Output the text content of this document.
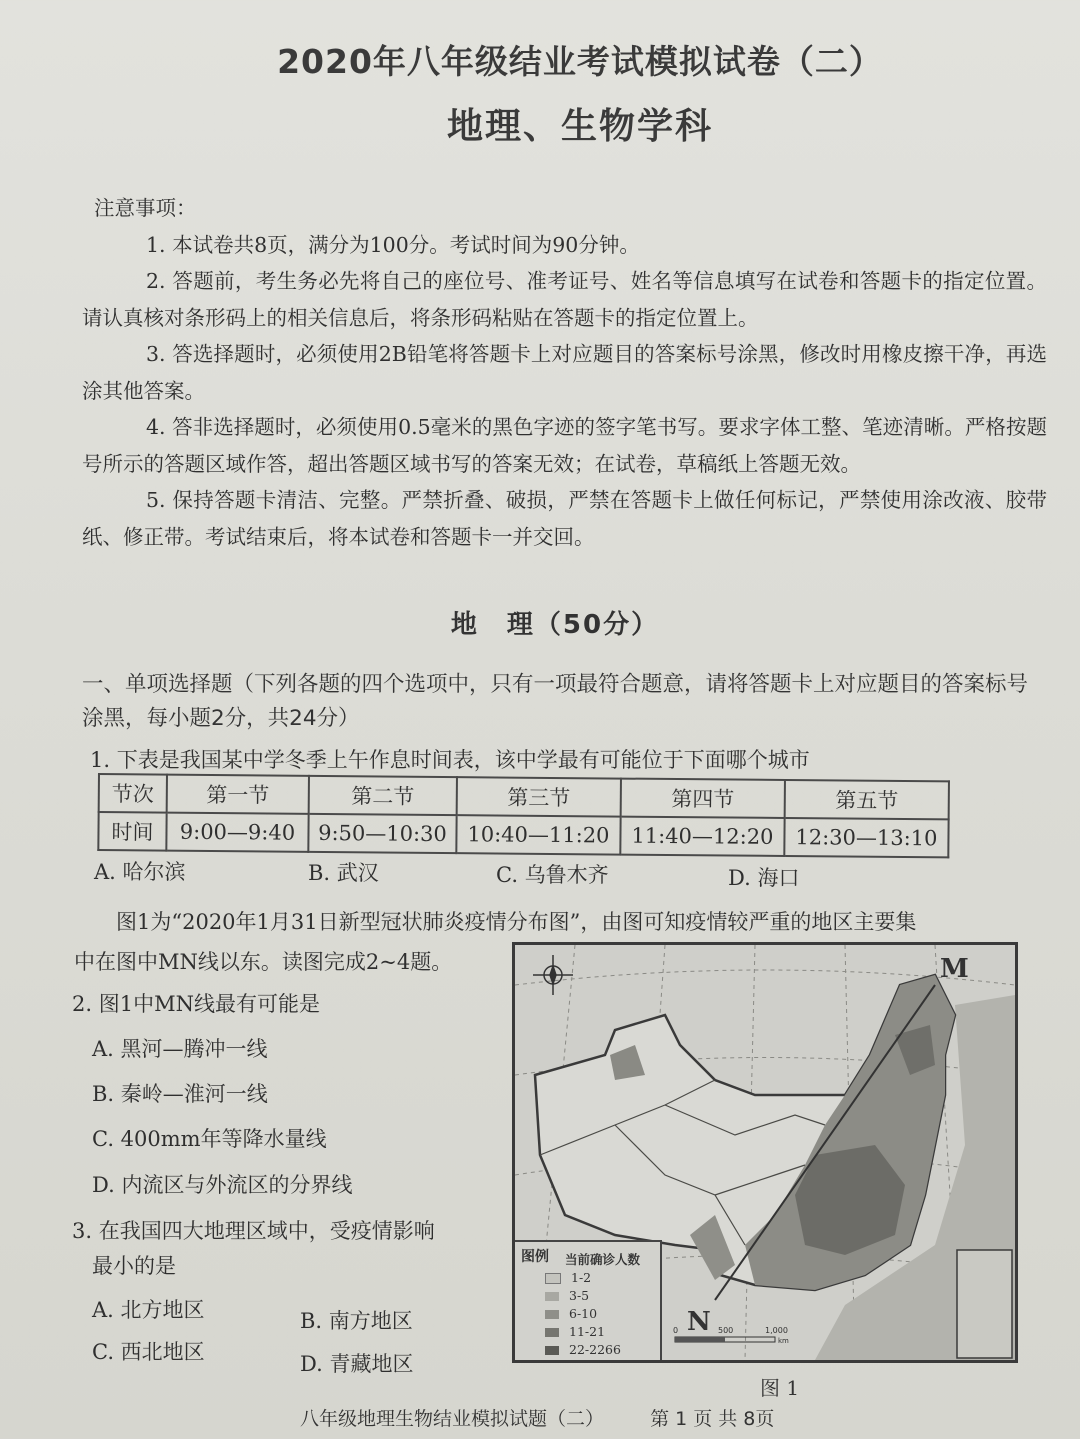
2020年八年级结业考试模拟试卷（二）
地理、生物学科
注意事项：

1. 本试卷共8页，满分为100分。考试时间为90分钟。

2. 答题前，考生务必先将自己的座位号、准考证号、姓名等信息填写在试卷和答题卡的指定位置。请认真核对条形码上的相关信息后，将条形码粘贴在答题卡的指定位置上。

3. 答选择题时，必须使用2B铅笔将答题卡上对应题目的答案标号涂黑，修改时用橡皮擦干净，再选涂其他答案。

4. 答非选择题时，必须使用0.5毫米的黑色字迹的签字笔书写。要求字体工整、笔迹清晰。严格按题号所示的答题区域作答，超出答题区域书写的答案无效；在试卷，草稿纸上答题无效。

5. 保持答题卡清洁、完整。严禁折叠、破损，严禁在答题卡上做任何标记，严禁使用涂改液、胶带纸、修正带。考试结束后，将本试卷和答题卡一并交回。

地　理（50分）
一、单项选择题（下列各题的四个选项中，只有一项最符合题意，请将答题卡上对应题目的答案标号涂黑，每小题2分，共24分）
1. 下表是我国某中学冬季上午作息时间表，该中学最有可能位于下面哪个城市
节次	第一节	第二节	第三节	第四节	第五节
时间	9:00—9:40	9:50—10:30	10:40—11:20	11:40—12:20	12:30—13:10
A. 哈尔滨	B. 武汉	C. 乌鲁木齐	D. 海口
图1为“2020年1月31日新型冠状肺炎疫情分布图”，由图可知疫情较严重的地区主要集
中在图中MN线以东。读图完成2~4题。
2. 图1中MN线最有可能是
A. 黑河—腾冲一线
B. 秦岭—淮河一线
C. 400mm年等降水量线
D. 内流区与外流区的分界线
3. 在我国四大地理区域中，受疫情影响
最小的是
A. 北方地区	B. 南方地区
C. 西北地区	D. 青藏地区
M
N
0	500	1,000
km
图例 当前确诊人数
1-2
3-5
6-10
11-21
22-2266
图 1
八年级地理生物结业模拟试题（二） 第 1 页 共 8页
